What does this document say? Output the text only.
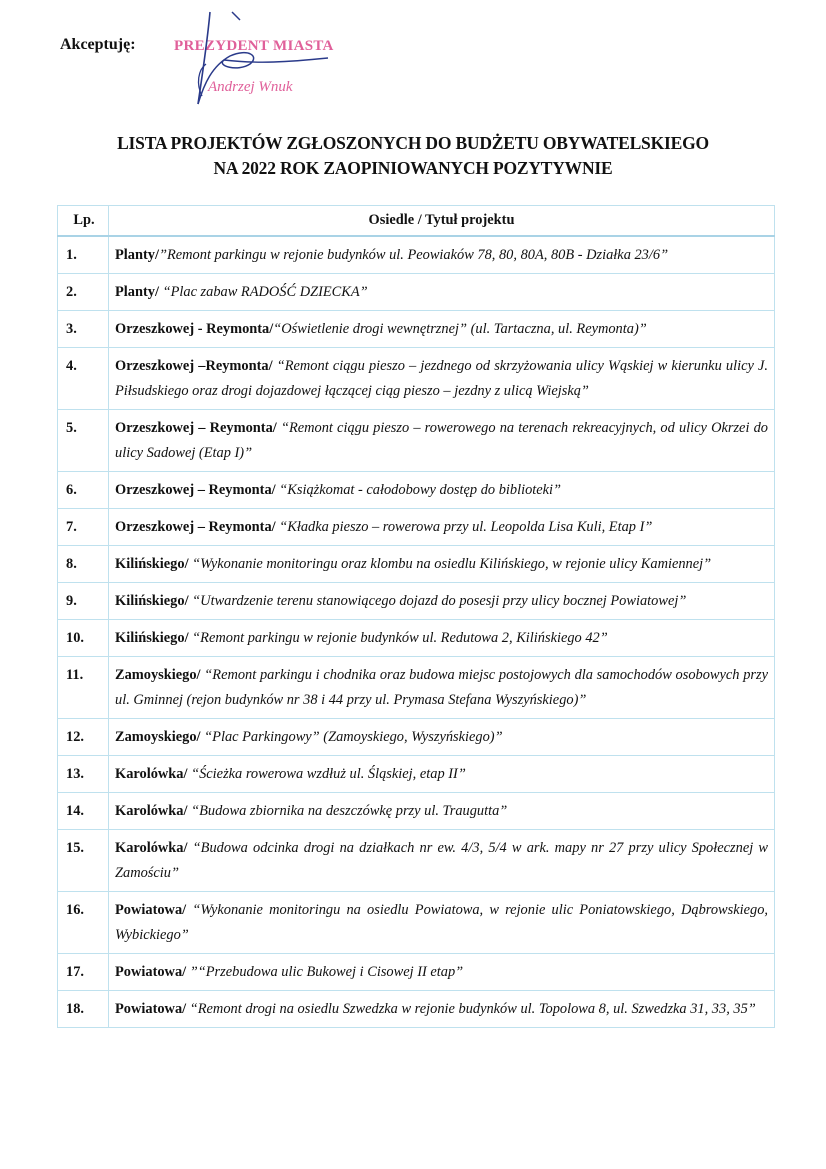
Akceptuję:	PREZYDENT MIASTA
Andrzej Wnuk
LISTA PROJEKTÓW ZGŁOSZONYCH DO BUDŻETU OBYWATELSKIEGO
NA 2022 ROK ZAOPINIOWANYCH POZYTYWNIE
Lp.	Osiedle / Tytuł projektu
1.	Planty/”Remont parkingu w rejonie budynków ul. Peowiaków 78, 80, 80A, 80B - Działka 23/6”
2.	Planty/ “Plac zabaw RADOŚĆ DZIECKA”
3.	Orzeszkowej - Reymonta/“Oświetlenie drogi wewnętrznej” (ul. Tartaczna, ul. Reymonta)”
4.	Orzeszkowej –Reymonta/ “Remont ciągu pieszo – jezdnego od skrzyżowania ulicy Wąskiej w kierunku ulicy J. Piłsudskiego oraz drogi dojazdowej łączącej ciąg pieszo – jezdny z ulicą Wiejską”
5.	Orzeszkowej – Reymonta/ “Remont ciągu pieszo – rowerowego na terenach rekreacyjnych, od ulicy Okrzei do ulicy Sadowej (Etap I)”
6.	Orzeszkowej – Reymonta/ “Książkomat - całodobowy dostęp do biblioteki”
7.	Orzeszkowej – Reymonta/ “Kładka pieszo – rowerowa przy ul. Leopolda Lisa Kuli, Etap I”
8.	Kilińskiego/ “Wykonanie monitoringu oraz klombu na osiedlu Kilińskiego, w rejonie ulicy Kamiennej”
9.	Kilińskiego/ “Utwardzenie terenu stanowiącego dojazd do posesji przy ulicy bocznej Powiatowej”
10.	Kilińskiego/ “Remont parkingu w rejonie budynków ul. Redutowa 2, Kilińskiego 42”
11.	Zamoyskiego/ “Remont parkingu i chodnika oraz budowa miejsc postojowych dla samochodów osobowych przy ul. Gminnej (rejon budynków nr 38 i 44 przy ul. Prymasa Stefana Wyszyńskiego)”
12.	Zamoyskiego/ “Plac Parkingowy” (Zamoyskiego, Wyszyńskiego)”
13.	Karolówka/ “Ścieżka rowerowa wzdłuż ul. Śląskiej, etap II”
14.	Karolówka/ “Budowa zbiornika na deszczówkę przy ul. Traugutta”
15.	Karolówka/ “Budowa odcinka drogi na działkach nr ew. 4/3, 5/4 w ark. mapy nr 27 przy ulicy Społecznej w Zamościu”
16.	Powiatowa/ “Wykonanie monitoringu na osiedlu Powiatowa, w rejonie ulic Poniatowskiego, Dąbrowskiego, Wybickiego”
17.	Powiatowa/ ”“Przebudowa ulic Bukowej i Cisowej II etap”
18.	Powiatowa/ “Remont drogi na osiedlu Szwedzka w rejonie budynków ul. Topolowa 8, ul. Szwedzka 31, 33, 35”
